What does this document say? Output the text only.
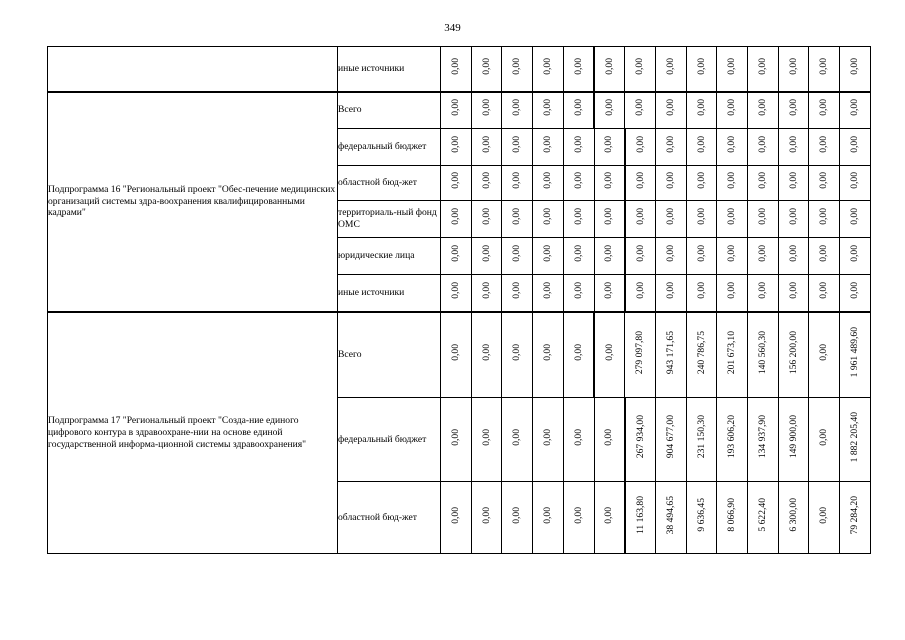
349
	иные источники	0,00	0,00	0,00	0,00	0,00	0,00	0,00	0,00	0,00	0,00	0,00	0,00	0,00	0,00
Подпрограмма 16 "Региональный проект "Обес-печение медицинских организаций системы здра-воохранения квалифицированными кадрами"	Всего	0,00	0,00	0,00	0,00	0,00	0,00	0,00	0,00	0,00	0,00	0,00	0,00	0,00	0,00
	федеральный бюджет	0,00	0,00	0,00	0,00	0,00	0,00	0,00	0,00	0,00	0,00	0,00	0,00	0,00	0,00
	областной бюд-жет	0,00	0,00	0,00	0,00	0,00	0,00	0,00	0,00	0,00	0,00	0,00	0,00	0,00	0,00
	территориаль-ный фонд ОМС	0,00	0,00	0,00	0,00	0,00	0,00	0,00	0,00	0,00	0,00	0,00	0,00	0,00	0,00
	юридические лица	0,00	0,00	0,00	0,00	0,00	0,00	0,00	0,00	0,00	0,00	0,00	0,00	0,00	0,00
	иные источники	0,00	0,00	0,00	0,00	0,00	0,00	0,00	0,00	0,00	0,00	0,00	0,00	0,00	0,00
Подпрограмма 17 "Региональный проект "Созда-ние единого цифрового контура в здравоохране-нии на основе единой государственной информа-ционной системы здравоохранения"	Всего	0,00	0,00	0,00	0,00	0,00	0,00	279 097,80	943 171,65	240 786,75	201 673,10	140 560,30	156 200,00	0,00	1 961 489,60
	федеральный бюджет	0,00	0,00	0,00	0,00	0,00	0,00	267 934,00	904 677,00	231 150,30	193 606,20	134 937,90	149 900,00	0,00	1 882 205,40
	областной бюд-жет	0,00	0,00	0,00	0,00	0,00	0,00	11 163,80	38 494,65	9 636,45	8 066,90	5 622,40	6 300,00	0,00	79 284,20
